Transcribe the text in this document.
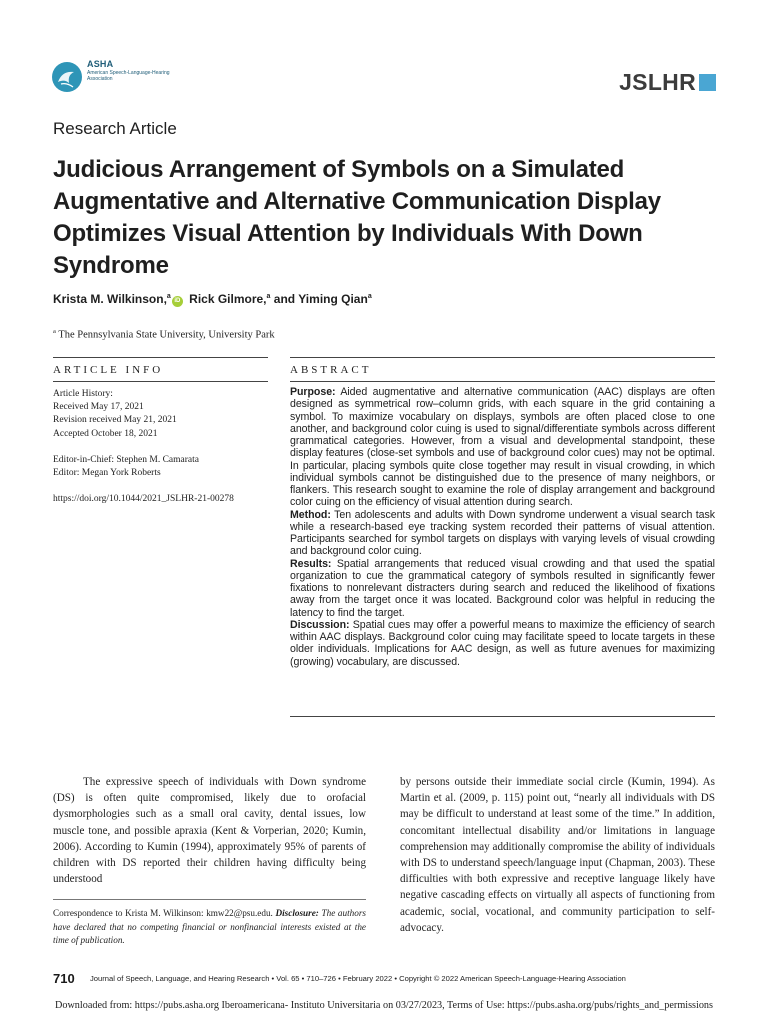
ASHA
American Speech-Language-Hearing Association	JSLHR
Research Article
Judicious Arrangement of Symbols on a Simulated Augmentative and Alternative Communication Display Optimizes Visual Attention by Individuals With Down Syndrome
Krista M. Wilkinson,$^a$iD Rick Gilmore,$^a$ and Yiming Qian$^a$
$^a$ The Pennsylvania State University, University Park
ARTICLE INFO	ABSTRACT
Article History:
Received May 17, 2021
Revision received May 21, 2021
Accepted October 18, 2021
Editor-in-Chief: Stephen M. Camarata
Editor: Megan York Roberts
https://doi.org/10.1044/2021_JSLHR-21-00278

Purpose: Aided augmentative and alternative communication (AAC) displays are often designed as symmetrical row–column grids, with each square in the grid containing a symbol. To maximize vocabulary on displays, symbols are often placed close to one another, and background color cuing is used to signal/differentiate symbols across different grammatical categories. However, from a visual and developmental standpoint, these display features (close-set symbols and use of background color cues) may not be optimal. In particular, placing symbols quite close together may result in visual crowding, in which individual symbols cannot be distinguished due to the presence of many neighbors, or flankers. This research sought to examine the role of display arrangement and background color cuing on the efficiency of visual attention during search.

Method: Ten adolescents and adults with Down syndrome underwent a visual search task while a research-based eye tracking system recorded their patterns of visual attention. Participants searched for symbol targets on displays with varying levels of visual crowding and background color cuing.

Results: Spatial arrangements that reduced visual crowding and that used the spatial organization to cue the grammatical category of symbols resulted in significantly fewer fixations to nonrelevant distracters during search and reduced the likelihood of fixations away from the target once it was located. Background color was helpful in reducing the latency to find the target.

Discussion: Spatial cues may offer a powerful means to maximize the efficiency of search within AAC displays. Background color cuing may facilitate speed to locate targets in these older individuals. Implications for AAC design, as well as future avenues for maximizing (growing) vocabulary, are discussed.

The expressive speech of individuals with Down syndrome (DS) is often quite compromised, likely due to orofacial dysmorphologies such as a small oral cavity, dental issues, low muscle tone, and possible apraxia (Kent & Vorperian, 2020; Kumin, 2006). According to Kumin (1994), approximately 95% of parents of children with DS reported their children having difficulty being understood

by persons outside their immediate social circle (Kumin, 1994). As Martin et al. (2009, p. 115) point out, “nearly all individuals with DS may be difficult to understand at least some of the time.” In addition, concomitant intellectual disability and/or limitations in language comprehension may additionally compromise the ability of individuals with DS to understand speech/language input (Chapman, 2003). These difficulties with both expressive and receptive language likely have negative cascading effects on virtually all aspects of functioning from academic, social, vocational, and community participation to self-advocacy.

Correspondence to Krista M. Wilkinson: kmw22@psu.edu. Disclosure: The authors have declared that no competing financial or nonfinancial interests existed at the time of publication.
710 Journal of Speech, Language, and Hearing Research • Vol. 65 • 710–726 • February 2022 • Copyright © 2022 American Speech-Language-Hearing Association
Downloaded from: https://pubs.asha.org Iberoamericana- Instituto Universitaria on 03/27/2023, Terms of Use: https://pubs.asha.org/pubs/rights_and_permissions
